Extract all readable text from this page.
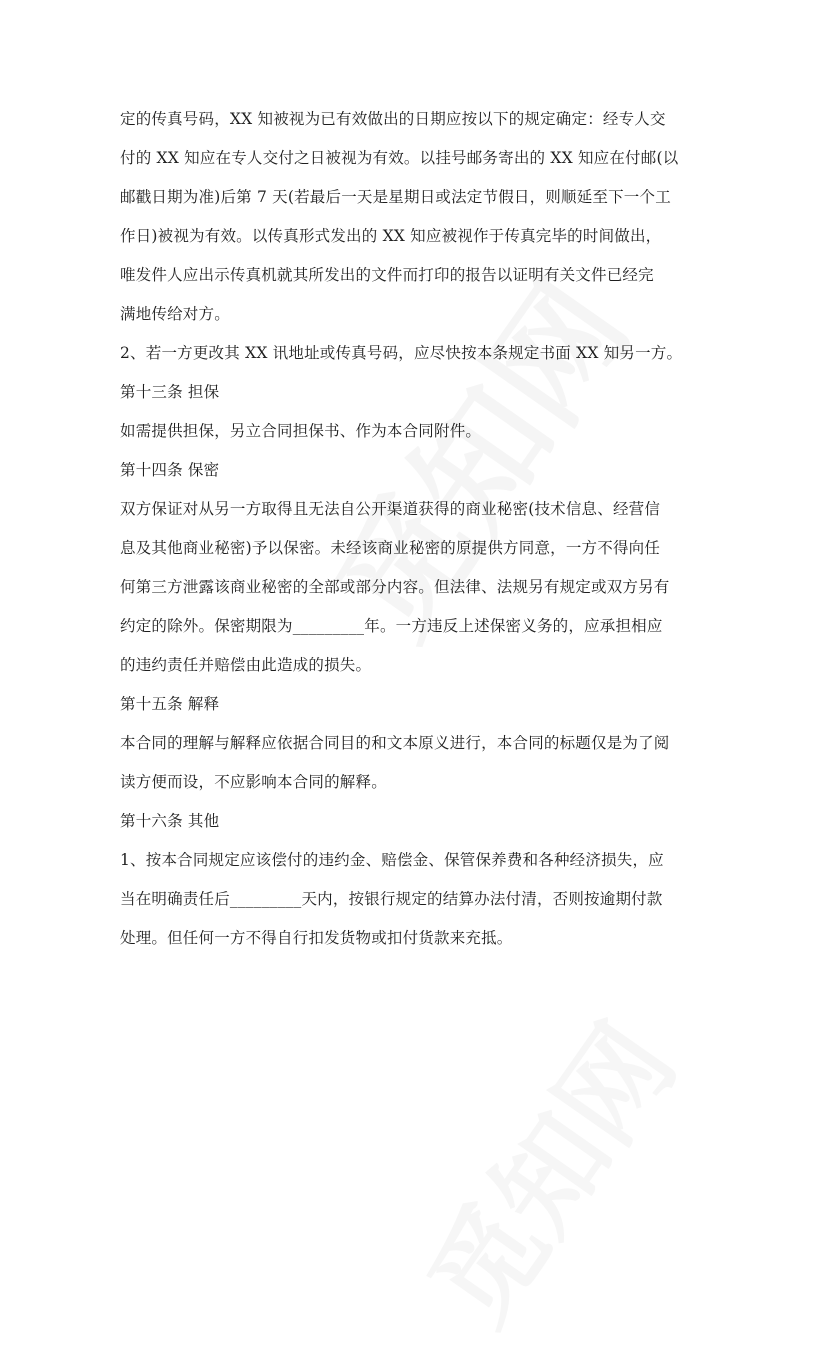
定的传真号码，XX 知被视为已有效做出的日期应按以下的规定确定：经专人交
付的 XX 知应在专人交付之日被视为有效。以挂号邮务寄出的 XX 知应在付邮(以
邮戳日期为准)后第 7 天(若最后一天是星期日或法定节假日，则顺延至下一个工
作日)被视为有效。以传真形式发出的 XX 知应被视作于传真完毕的时间做出，
唯发件人应出示传真机就其所发出的文件而打印的报告以证明有关文件已经完
满地传给对方。
2、若一方更改其 XX 讯地址或传真号码，应尽快按本条规定书面 XX 知另一方。
第十三条 担保
如需提供担保，另立合同担保书、作为本合同附件。
第十四条 保密
双方保证对从另一方取得且无法自公开渠道获得的商业秘密(技术信息、经营信
息及其他商业秘密)予以保密。未经该商业秘密的原提供方同意，一方不得向任
何第三方泄露该商业秘密的全部或部分内容。但法律、法规另有规定或双方另有
约定的除外。保密期限为_________年。一方违反上述保密义务的，应承担相应
的违约责任并赔偿由此造成的损失。
第十五条 解释
本合同的理解与解释应依据合同目的和文本原义进行，本合同的标题仅是为了阅
读方便而设，不应影响本合同的解释。
第十六条 其他
1、按本合同规定应该偿付的违约金、赔偿金、保管保养费和各种经济损失，应
当在明确责任后_________天内，按银行规定的结算办法付清，否则按逾期付款
处理。但任何一方不得自行扣发货物或扣付货款来充抵。
